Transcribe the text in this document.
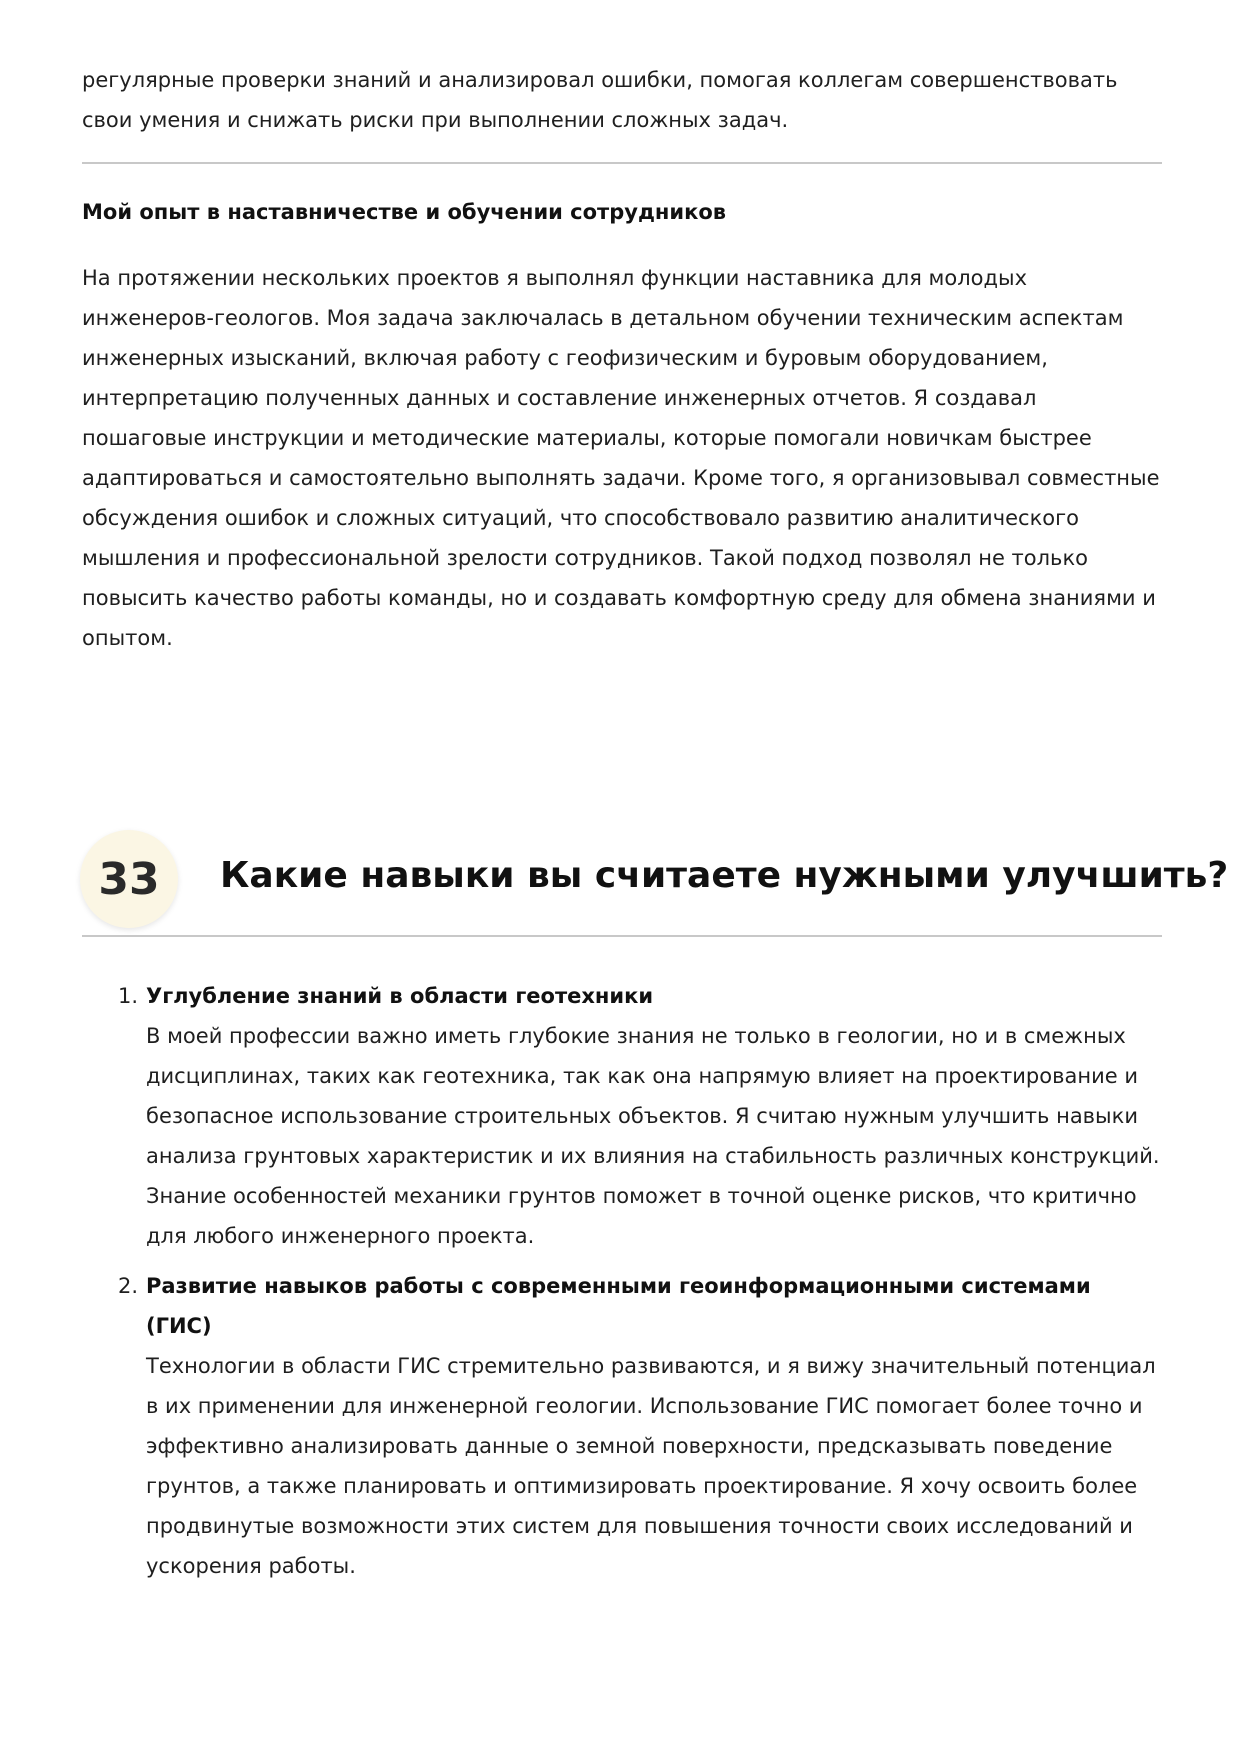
регулярные проверки знаний и анализировал ошибки, помогая коллегам совершенствовать свои умения и снижать риски при выполнении сложных задач.

Мой опыт в наставничестве и обучении сотрудников

На протяжении нескольких проектов я выполнял функции наставника для молодых инженеров-геологов. Моя задача заключалась в детальном обучении техническим аспектам инженерных изысканий, включая работу с геофизическим и буровым оборудованием, интерпретацию полученных данных и составление инженерных отчетов. Я создавал пошаговые инструкции и методические материалы, которые помогали новичкам быстрее адаптироваться и самостоятельно выполнять задачи. Кроме того, я организовывал совместные обсуждения ошибок и сложных ситуаций, что способствовало развитию аналитического мышления и профессиональной зрелости сотрудников. Такой подход позволял не только повысить качество работы команды, но и создавать комфортную среду для обмена знаниями и опытом.

33	Какие навыки вы считаете нужными улучшить?
1. Углубление знаний в области геотехники
В моей профессии важно иметь глубокие знания не только в геологии, но и в смежных дисциплинах, таких как геотехника, так как она напрямую влияет на проектирование и безопасное использование строительных объектов. Я считаю нужным улучшить навыки анализа грунтовых характеристик и их влияния на стабильность различных конструкций. Знание особенностей механики грунтов поможет в точной оценке рисков, что критично для любого инженерного проекта.
2. Развитие навыков работы с современными геоинформационными системами (ГИС)
Технологии в области ГИС стремительно развиваются, и я вижу значительный потенциал в их применении для инженерной геологии. Использование ГИС помогает более точно и эффективно анализировать данные о земной поверхности, предсказывать поведение грунтов, а также планировать и оптимизировать проектирование. Я хочу освоить более продвинутые возможности этих систем для повышения точности своих исследований и ускорения работы.
